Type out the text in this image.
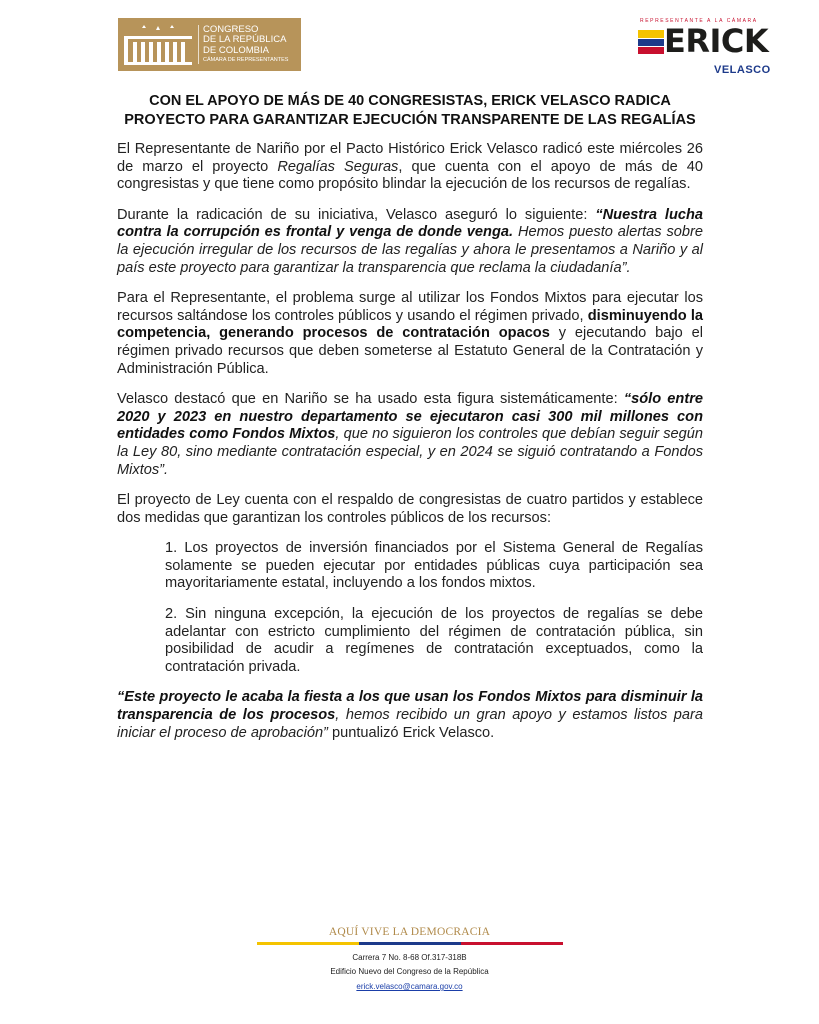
CONGRESO
DE LA REPÚBLICA
DE COLOMBIA
CÁMARA DE REPRESENTANTES
REPRESENTANTE A LA CÁMARA
ERICK
VELASCO
CON EL APOYO DE MÁS DE 40 CONGRESISTAS, ERICK VELASCO RADICA
PROYECTO PARA GARANTIZAR EJECUCIÓN TRANSPARENTE DE LAS REGALÍAS

El Representante de Nariño por el Pacto Histórico Erick Velasco radicó este miércoles 26 de marzo el proyecto Regalías Seguras, que cuenta con el apoyo de más de 40 congresistas y que tiene como propósito blindar la ejecución de los recursos de regalías.

Durante la radicación de su iniciativa, Velasco aseguró lo siguiente: “Nuestra lucha contra la corrupción es frontal y venga de donde venga. Hemos puesto alertas sobre la ejecución irregular de los recursos de las regalías y ahora le presentamos a Nariño y al país este proyecto para garantizar la transparencia que reclama la ciudadanía”.

Para el Representante, el problema surge al utilizar los Fondos Mixtos para ejecutar los recursos saltándose los controles públicos y usando el régimen privado, disminuyendo la competencia, generando procesos de contratación opacos y ejecutando bajo el régimen privado recursos que deben someterse al Estatuto General de la Contratación y Administración Pública.

Velasco destacó que en Nariño se ha usado esta figura sistemáticamente: “sólo entre 2020 y 2023 en nuestro departamento se ejecutaron casi 300 mil millones con entidades como Fondos Mixtos, que no siguieron los controles que debían seguir según la Ley 80, sino mediante contratación especial, y en 2024 se siguió contratando a Fondos Mixtos”.

El proyecto de Ley cuenta con el respaldo de congresistas de cuatro partidos y establece dos medidas que garantizan los controles públicos de los recursos:

1. Los proyectos de inversión financiados por el Sistema General de Regalías solamente se pueden ejecutar por entidades públicas cuya participación sea mayoritariamente estatal, incluyendo a los fondos mixtos.
2. Sin ninguna excepción, la ejecución de los proyectos de regalías se debe adelantar con estricto cumplimiento del régimen de contratación pública, sin posibilidad de acudir a regímenes de contratación exceptuados, como la contratación privada.

“Este proyecto le acaba la fiesta a los que usan los Fondos Mixtos para disminuir la transparencia de los procesos, hemos recibido un gran apoyo y estamos listos para iniciar el proceso de aprobación” puntualizó Erick Velasco.

AQUÍ VIVE LA DEMOCRACIA
Carrera 7 No. 8-68 Of.317-318B
Edificio Nuevo del Congreso de la República
erick.velasco@camara.gov.co
